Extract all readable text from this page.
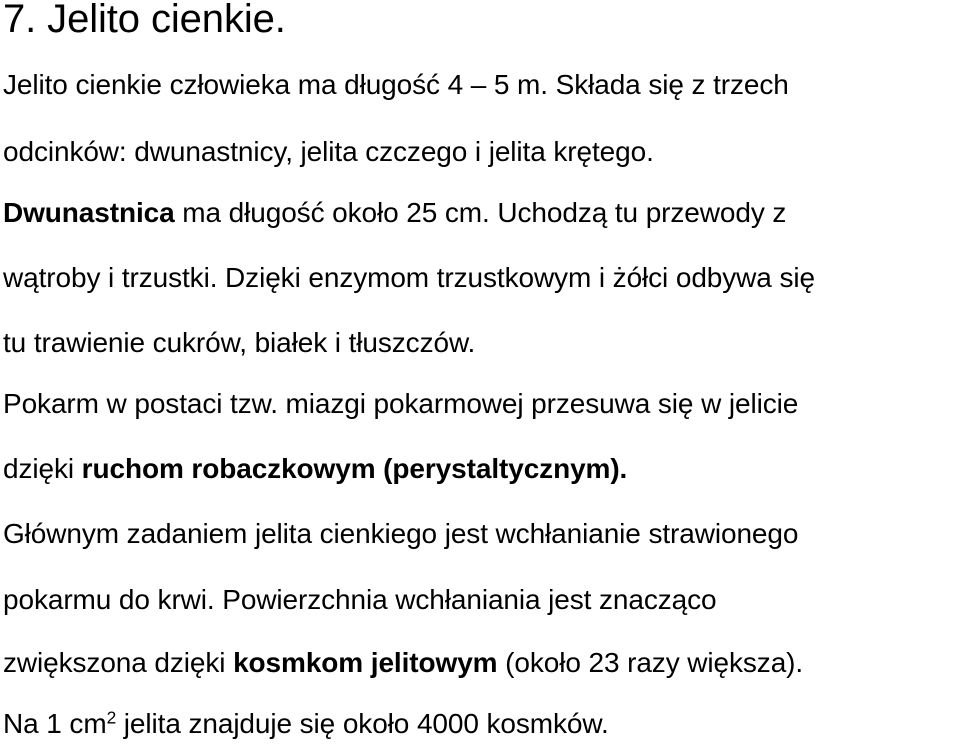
7. Jelito cienkie.
Jelito cienkie człowieka ma długość 4 – 5 m. Składa się z trzech
odcinków: dwunastnicy, jelita czczego i jelita krętego.
Dwunastnica ma długość około 25 cm. Uchodzą tu przewody z
wątroby i trzustki. Dzięki enzymom trzustkowym i żółci odbywa się
tu trawienie cukrów, białek i tłuszczów.
Pokarm w postaci tzw. miazgi pokarmowej przesuwa się w jelicie
dzięki ruchom robaczkowym (perystaltycznym).
Głównym zadaniem jelita cienkiego jest wchłanianie strawionego
pokarmu do krwi. Powierzchnia wchłaniania jest znacząco
zwiększona dzięki kosmkom jelitowym (około 23 razy większa).
Na 1 $cm^2$ jelita znajduje się około 4000 kosmków.
